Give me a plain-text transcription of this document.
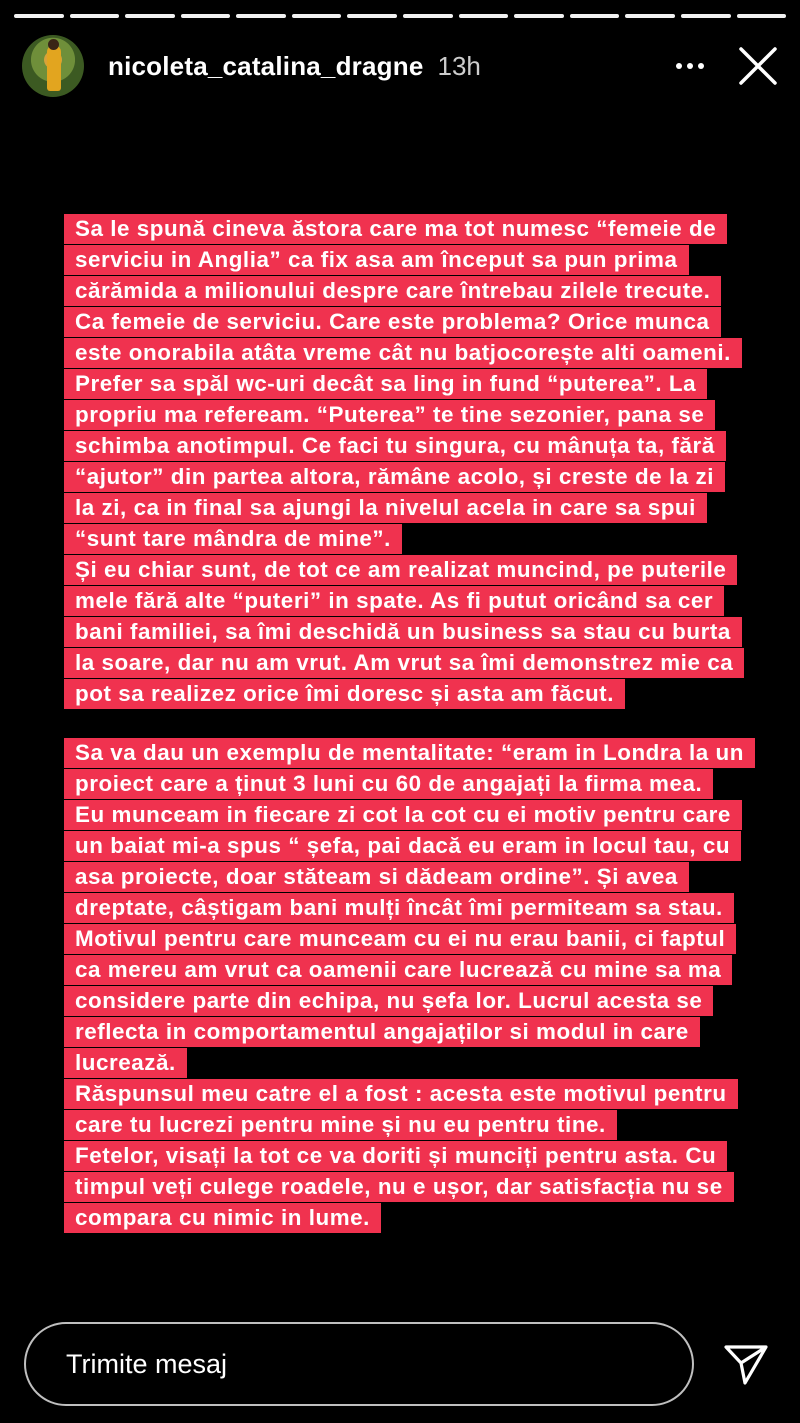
nicoleta_catalina_dragne 13h
Sa le spună cineva ăstora care ma tot numesc “femeie de
serviciu in Anglia” ca fix asa am început sa pun prima
cărămida a milionului despre care întrebau zilele trecute.
Ca femeie de serviciu. Care este problema? Orice munca
este onorabila atâta vreme cât nu batjocorește alti oameni.
Prefer sa spăl wc-uri decât sa ling in fund “puterea”. La
propriu ma refeream. “Puterea” te tine sezonier, pana se
schimba anotimpul. Ce faci tu singura, cu mânuța ta, fără
“ajutor” din partea altora, rămâne acolo, și creste de la zi
la zi, ca in final sa ajungi la nivelul acela in care sa spui
“sunt tare mândra de mine”.
Și eu chiar sunt, de tot ce am realizat muncind, pe puterile
mele fără alte “puteri” in spate. As fi putut oricând sa cer
bani familiei, sa îmi deschidă un business sa stau cu burta
la soare, dar nu am vrut. Am vrut sa îmi demonstrez mie ca
pot sa realizez orice îmi doresc și asta am făcut.
Sa va dau un exemplu de mentalitate: “eram in Londra la un
proiect care a ținut 3 luni cu 60 de angajați la firma mea.
Eu munceam in fiecare zi cot la cot cu ei motiv pentru care
un baiat mi-a spus “ șefa, pai dacă eu eram in locul tau, cu
asa proiecte, doar stăteam si dădeam ordine”. Și avea
dreptate, câștigam bani mulți încât îmi permiteam sa stau.
Motivul pentru care munceam cu ei nu erau banii, ci faptul
ca mereu am vrut ca oamenii care lucrează cu mine sa ma
considere parte din echipa, nu șefa lor. Lucrul acesta se
reflecta in comportamentul angajaților si modul in care
lucrează.
Răspunsul meu catre el a fost : acesta este motivul pentru
care tu lucrezi pentru mine și nu eu pentru tine.
Fetelor, visați la tot ce va doriti și munciți pentru asta. Cu
timpul veți culege roadele, nu e ușor, dar satisfacția nu se
compara cu nimic in lume.
Trimite mesaj
